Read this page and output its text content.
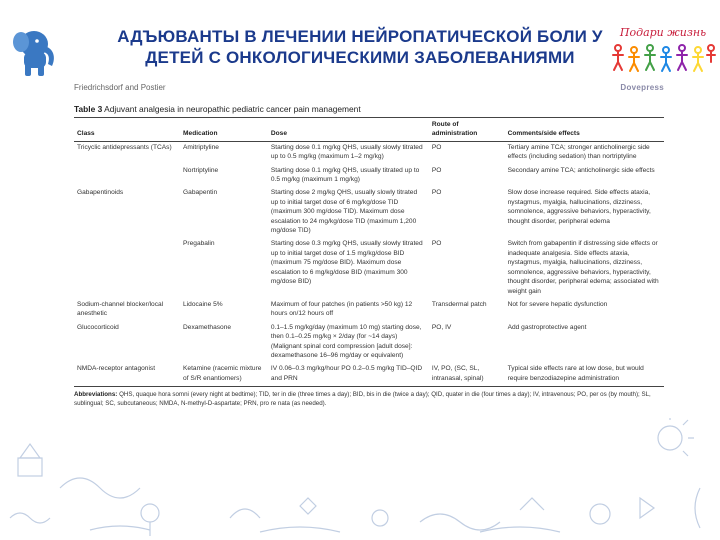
Подари жизнь
АДЪЮВАНТЫ В ЛЕЧЕНИИ НЕЙРОПАТИЧЕСКОЙ БОЛИ У ДЕТЕЙ С ОНКОЛОГИЧЕСКИМИ ЗАБОЛЕВАНИЯМИ
Friedrichsdorf and Postier	Dovepress
Table 3 Adjuvant analgesia in neuropathic pediatric cancer pain management
Class	Medication	Dose	Route of administration	Comments/side effects
Tricyclic antidepressants (TCAs)	Amitriptyline	Starting dose 0.1 mg/kg QHS, usually slowly titrated up to 0.5 mg/kg (maximum 1–2 mg/kg)	PO	Tertiary amine TCA; stronger anticholinergic side effects (including sedation) than nortriptyline
	Nortriptyline	Starting dose 0.1 mg/kg QHS, usually titrated up to 0.5 mg/kg (maximum 1 mg/kg)	PO	Secondary amine TCA; anticholinergic side effects
Gabapentinoids	Gabapentin	Starting dose 2 mg/kg QHS, usually slowly titrated up to initial target dose of 6 mg/kg/dose TID (maximum 300 mg/dose TID). Maximum dose escalation to 24 mg/kg/dose TID (maximum 1,200 mg/dose TID)	PO	Slow dose increase required. Side effects ataxia, nystagmus, myalgia, hallucinations, dizziness, somnolence, aggressive behaviors, hyperactivity, thought disorder, peripheral edema
	Pregabalin	Starting dose 0.3 mg/kg QHS, usually slowly titrated up to initial target dose of 1.5 mg/kg/dose BID (maximum 75 mg/dose BID). Maximum dose escalation to 6 mg/kg/dose BID (maximum 300 mg/dose BID)	PO	Switch from gabapentin if distressing side effects or inadequate analgesia. Side effects ataxia, nystagmus, myalgia, hallucinations, dizziness, somnolence, aggressive behaviors, hyperactivity, thought disorder, peripheral edema; associated with weight gain
Sodium-channel blocker/local anesthetic	Lidocaine 5%	Maximum of four patches (in patients >50 kg) 12 hours on/12 hours off	Transdermal patch	Not for severe hepatic dysfunction
Glucocorticoid	Dexamethasone	0.1–1.5 mg/kg/day (maximum 10 mg) starting dose, then 0.1–0.25 mg/kg × 2/day (for ~14 days) (Malignant spinal cord compression [adult dose]: dexamethasone 16–96 mg/day or equivalent)	PO, IV	Add gastroprotective agent
NMDA-receptor antagonist	Ketamine (racemic mixture of S/R enantiomers)	IV 0.06–0.3 mg/kg/hour PO 0.2–0.5 mg/kg TID–QID and PRN	IV, PO, (SC, SL, intranasal, spinal)	Typical side effects rare at low dose, but would require benzodiazepine administration
Abbreviations: QHS, quaque hora somni (every night at bedtime); TID, ter in die (three times a day); BID, bis in die (twice a day); QID, quater in die (four times a day); IV, intravenous; PO, per os (by mouth); SL, sublingual; SC, subcutaneous; NMDA, N-methyl-D-aspartate; PRN, pro re nata (as needed).
